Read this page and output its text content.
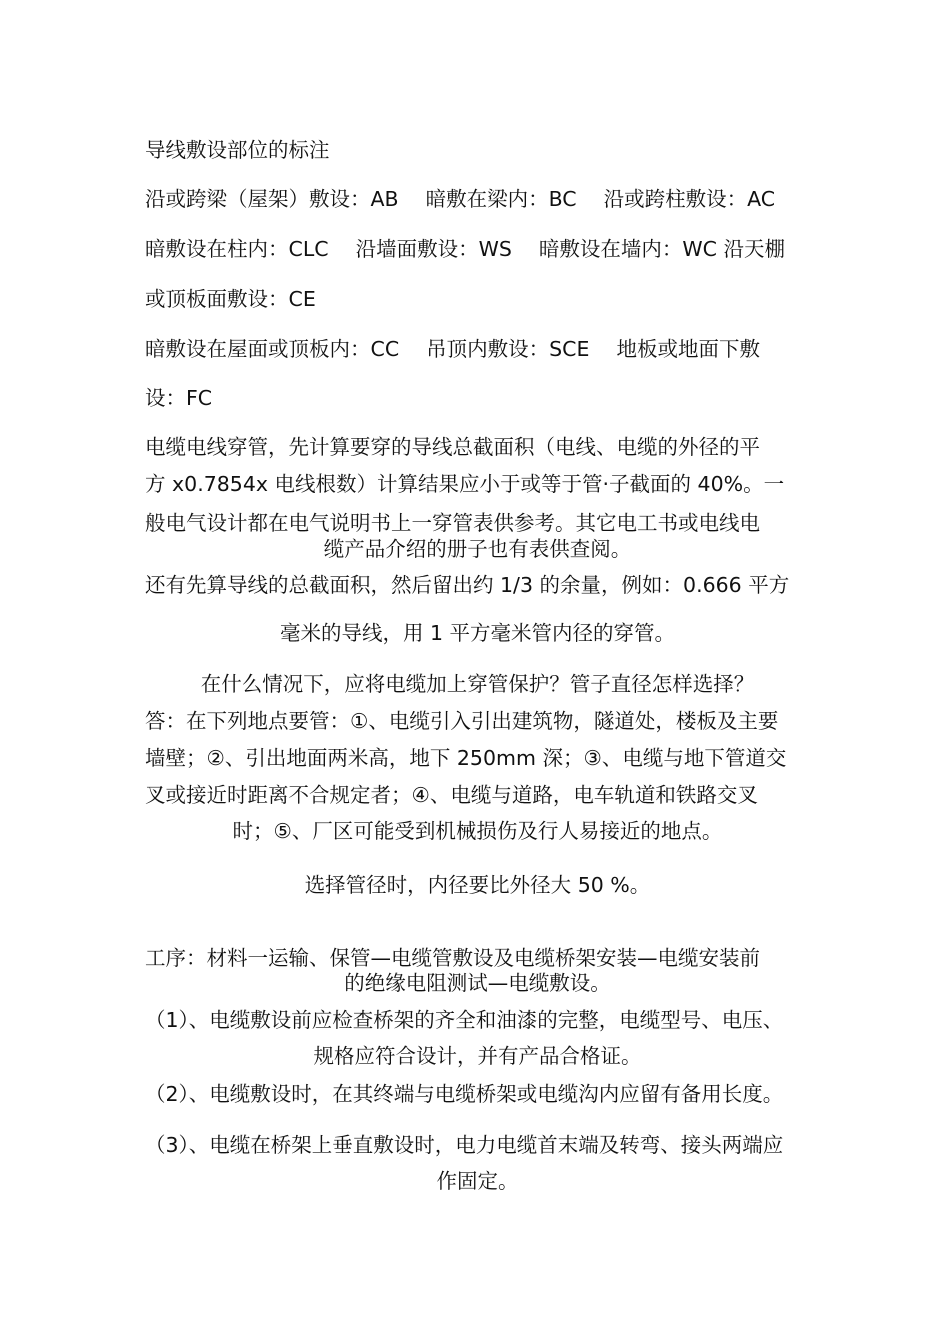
导线敷设部位的标注
沿或跨梁（屋架）敷设：AB　 暗敷在梁内：BC　 沿或跨柱敷设：AC
暗敷设在柱内：CLC　 沿墙面敷设：WS　 暗敷设在墙内：WC 沿天棚
或顶板面敷设：CE
暗敷设在屋面或顶板内：CC　 吊顶内敷设：SCE　 地板或地面下敷
设：FC
电缆电线穿管，先计算要穿的导线总截面积（电线、电缆的外径的平
方 x0.7854x 电线根数）计算结果应小于或等于管·子截面的 40%。一
般电气设计都在电气说明书上一穿管表供参考。其它电工书或电线电
缆产品介绍的册子也有表供查阅。
还有先算导线的总截面积，然后留出约 1/3 的余量，例如：0.666 平方
毫米的导线，用 1 平方毫米管内径的穿管。
在什么情况下，应将电缆加上穿管保护？管子直径怎样选择？
答：在下列地点要管：①、电缆引入引出建筑物，隧道处，楼板及主要
墙壁；②、引出地面两米高，地下 250mm 深；③、电缆与地下管道交
叉或接近时距离不合规定者；④、电缆与道路，电车轨道和铁路交叉
时；⑤、厂区可能受到机械损伤及行人易接近的地点。
选择管径时，内径要比外径大 50 %。
工序：材料一运输、保管—电缆管敷设及电缆桥架安装—电缆安装前
的绝缘电阻测试—电缆敷设。
（1）、电缆敷设前应检查桥架的齐全和油漆的完整，电缆型号、电压、
规格应符合设计，并有产品合格证。
（2）、电缆敷设时，在其终端与电缆桥架或电缆沟内应留有备用长度。
（3）、电缆在桥架上垂直敷设时，电力电缆首末端及转弯、接头两端应
作固定。
